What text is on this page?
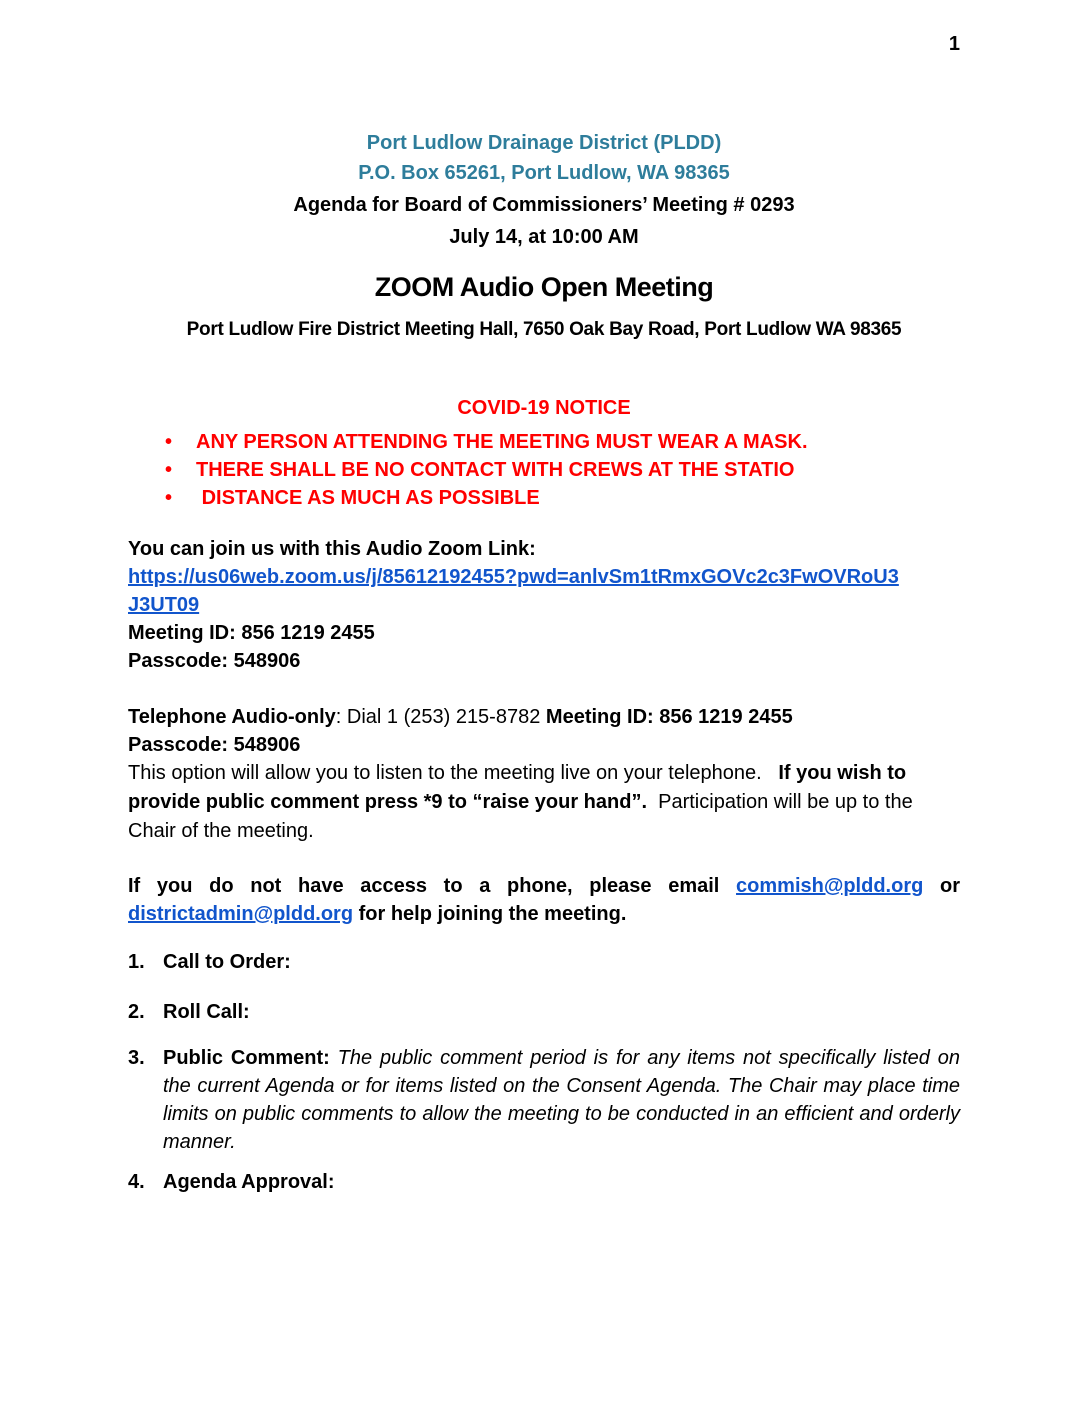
1
Port Ludlow Drainage District (PLDD)
P.O. Box 65261, Port Ludlow, WA 98365
Agenda for Board of Commissioners’ Meeting # 0293
July 14, at 10:00 AM
ZOOM Audio Open Meeting
Port Ludlow Fire District Meeting Hall, 7650 Oak Bay Road, Port Ludlow WA 98365
COVID-19 NOTICE
•	ANY PERSON ATTENDING THE MEETING MUST WEAR A MASK.
•	THERE SHALL BE NO CONTACT WITH CREWS AT THE STATIO
•	DISTANCE AS MUCH AS POSSIBLE
You can join us with this Audio Zoom Link:
https://us06web.zoom.us/j/85612192455?pwd=anlvSm1tRmxGOVc2c3FwOVRoU3
J3UT09
Meeting ID: 856 1219 2455
Passcode: 548906
Telephone Audio-only: Dial 1 (253) 215-8782 Meeting ID: 856 1219 2455
Passcode: 548906

This option will allow you to listen to the meeting live on your telephone.   If you wish to provide public comment press *9 to “raise your hand”.  Participation will be up to the Chair of the meeting.

If you do not have access to a phone, please email commish@pldd.org or districtadmin@pldd.org for help joining the meeting.

1. Call to Order:
2. Roll Call:
3. Public Comment: The public comment period is for any items not specifically listed on the current Agenda or for items listed on the Consent Agenda. The Chair may place time limits on public comments to allow the meeting to be conducted in an efficient and orderly manner.
4. Agenda Approval:
